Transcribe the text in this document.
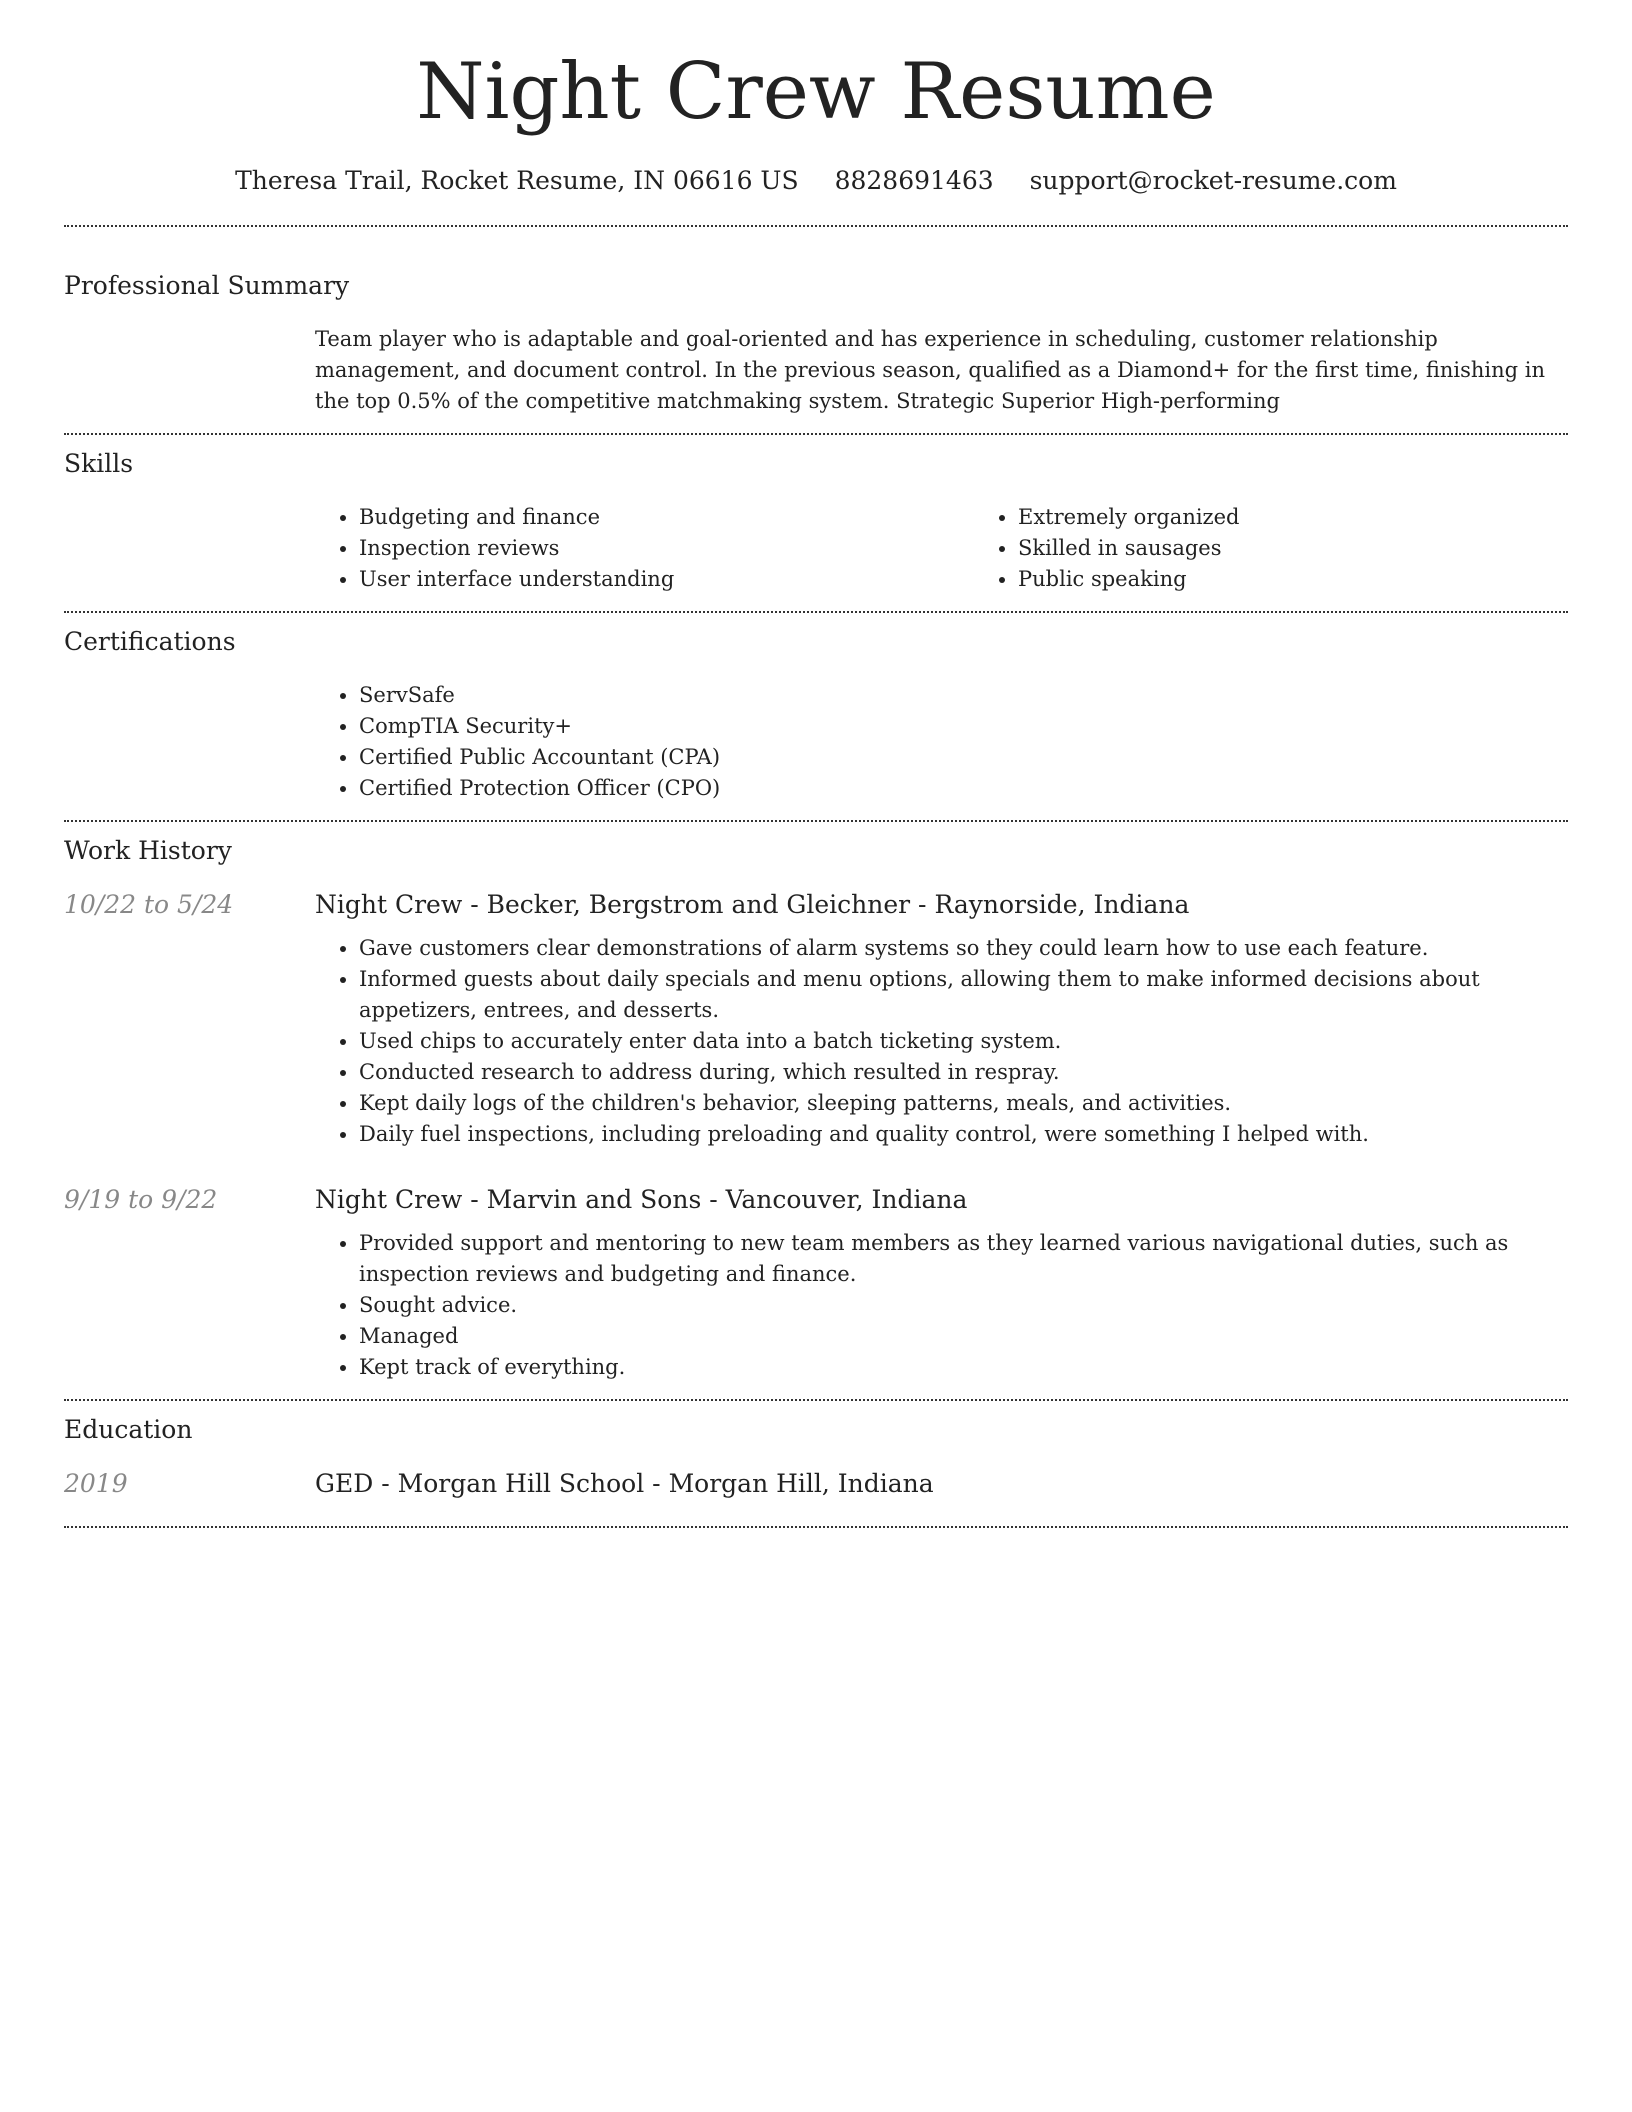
Night Crew Resume
Theresa Trail, Rocket Resume, IN 06616 US 8828691463 support@rocket-resume.com
Professional Summary

Team player who is adaptable and goal-oriented and has experience in scheduling, customer relationship management, and document control. In the previous season, qualified as a Diamond+ for the first time, finishing in the top 0.5% of the competitive matchmaking system. Strategic Superior High-performing

Skills
• Budgeting and finance
• Inspection reviews
• User interface understanding
• Extremely organized
• Skilled in sausages
• Public speaking
Certifications
• ServSafe
• CompTIA Security+
• Certified Public Accountant (CPA)
• Certified Protection Officer (CPO)
Work History
10/22 to 5/24	Night Crew - Becker, Bergstrom and Gleichner - Raynorside, Indiana
• Gave customers clear demonstrations of alarm systems so they could learn how to use each feature.
• Informed guests about daily specials and menu options, allowing them to make informed decisions about appetizers, entrees, and desserts.
• Used chips to accurately enter data into a batch ticketing system.
• Conducted research to address during, which resulted in respray.
• Kept daily logs of the children's behavior, sleeping patterns, meals, and activities.
• Daily fuel inspections, including preloading and quality control, were something I helped with.
9/19 to 9/22	Night Crew - Marvin and Sons - Vancouver, Indiana
• Provided support and mentoring to new team members as they learned various navigational duties, such as inspection reviews and budgeting and finance.
• Sought advice.
• Managed
• Kept track of everything.
Education
2019	GED - Morgan Hill School - Morgan Hill, Indiana
